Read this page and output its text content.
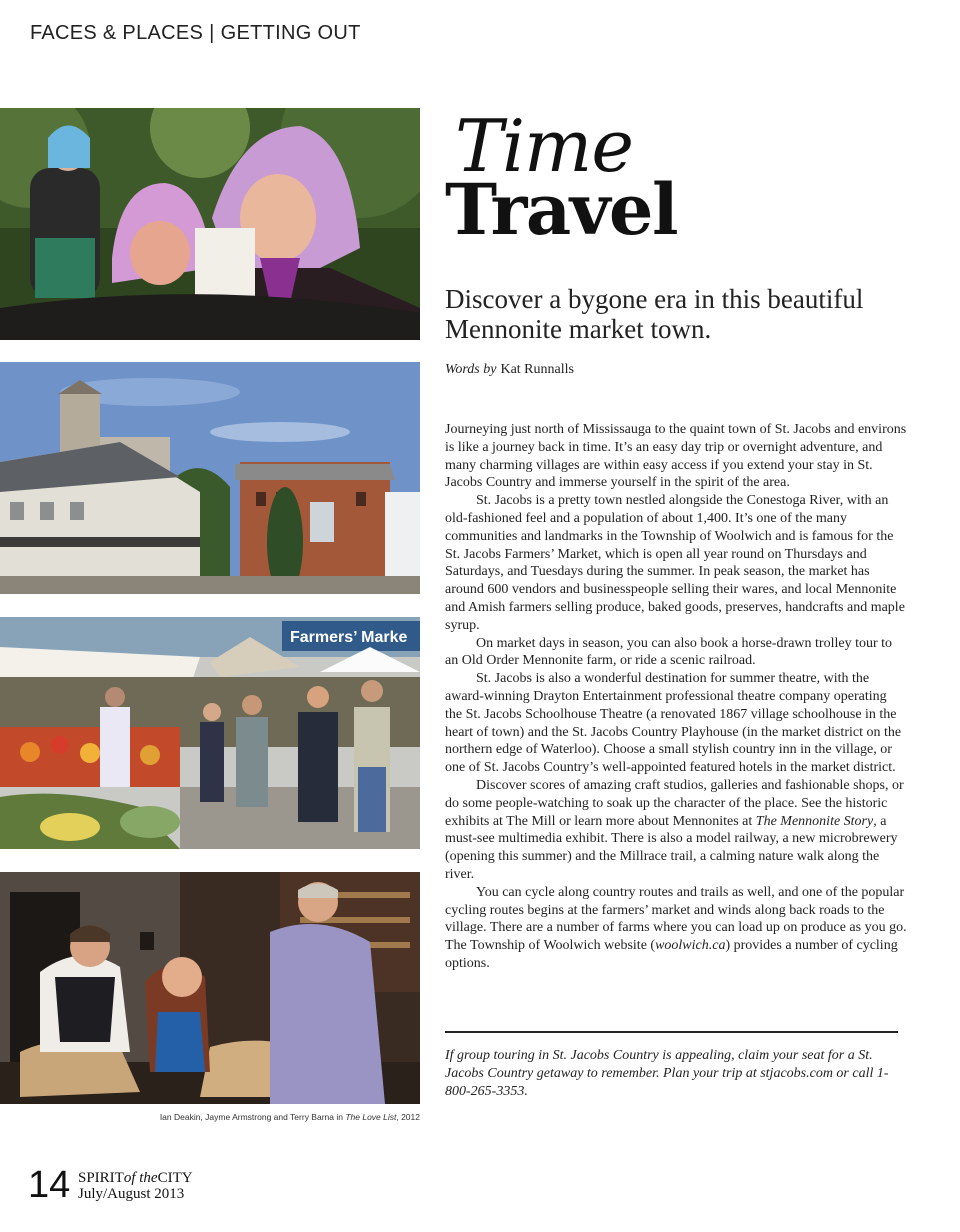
FACES & PLACES | GETTING OUT
Farmers’ Marke
Ian Deakin, Jayme Armstrong and Terry Barna in The Love List, 2012
Time
Travel
Discover a bygone era in this beautiful Mennonite market town.
Words by Kat Runnalls

Journeying just north of Mississauga to the quaint town of St. Jacobs and environs is like a journey back in time. It’s an easy day trip or overnight adventure, and many charming villages are within easy access if you extend your stay in St. Jacobs Country and immerse yourself in the spirit of the area.

St. Jacobs is a pretty town nestled alongside the Conestoga River, with an old-fashioned feel and a population of about 1,400. It’s one of the many communities and landmarks in the Township of Woolwich and is famous for the St. Jacobs Farmers’ Market, which is open all year round on Thursdays and Saturdays, and Tuesdays during the summer. In peak season, the market has around 600 vendors and businesspeople selling their wares, and local Mennonite and Amish farmers selling produce, baked goods, preserves, handcrafts and maple syrup.

On market days in season, you can also book a horse-drawn trolley tour to an Old Order Mennonite farm, or ride a scenic railroad.

St. Jacobs is also a wonderful destination for summer theatre, with the award-winning Drayton Entertainment professional theatre company operating the St. Jacobs Schoolhouse Theatre (a renovated 1867 village schoolhouse in the heart of town) and the St. Jacobs Country Playhouse (in the market district on the northern edge of Waterloo). Choose a small stylish country inn in the village, or one of St. Jacobs Country’s well-appointed featured hotels in the market district.

Discover scores of amazing craft studios, galleries and fashionable shops, or do some people-watching to soak up the character of the place. See the historic exhibits at The Mill or learn more about Mennonites at The Mennonite Story, a must-see multimedia exhibit. There is also a model railway, a new microbrewery (opening this summer) and the Millrace trail, a calming nature walk along the river.

You can cycle along country routes and trails as well, and one of the popular cycling routes begins at the farmers’ market and winds along back roads to the village. There are a number of farms where you can load up on produce as you go. The Township of Woolwich website (woolwich.ca) provides a number of cycling options.

If group touring in St. Jacobs Country is appealing, claim your seat for a St. Jacobs Country getaway to remember. Plan your trip at stjacobs.com or call 1-800-265-3353.
14 SPIRITof theCITY
July/August 2013
